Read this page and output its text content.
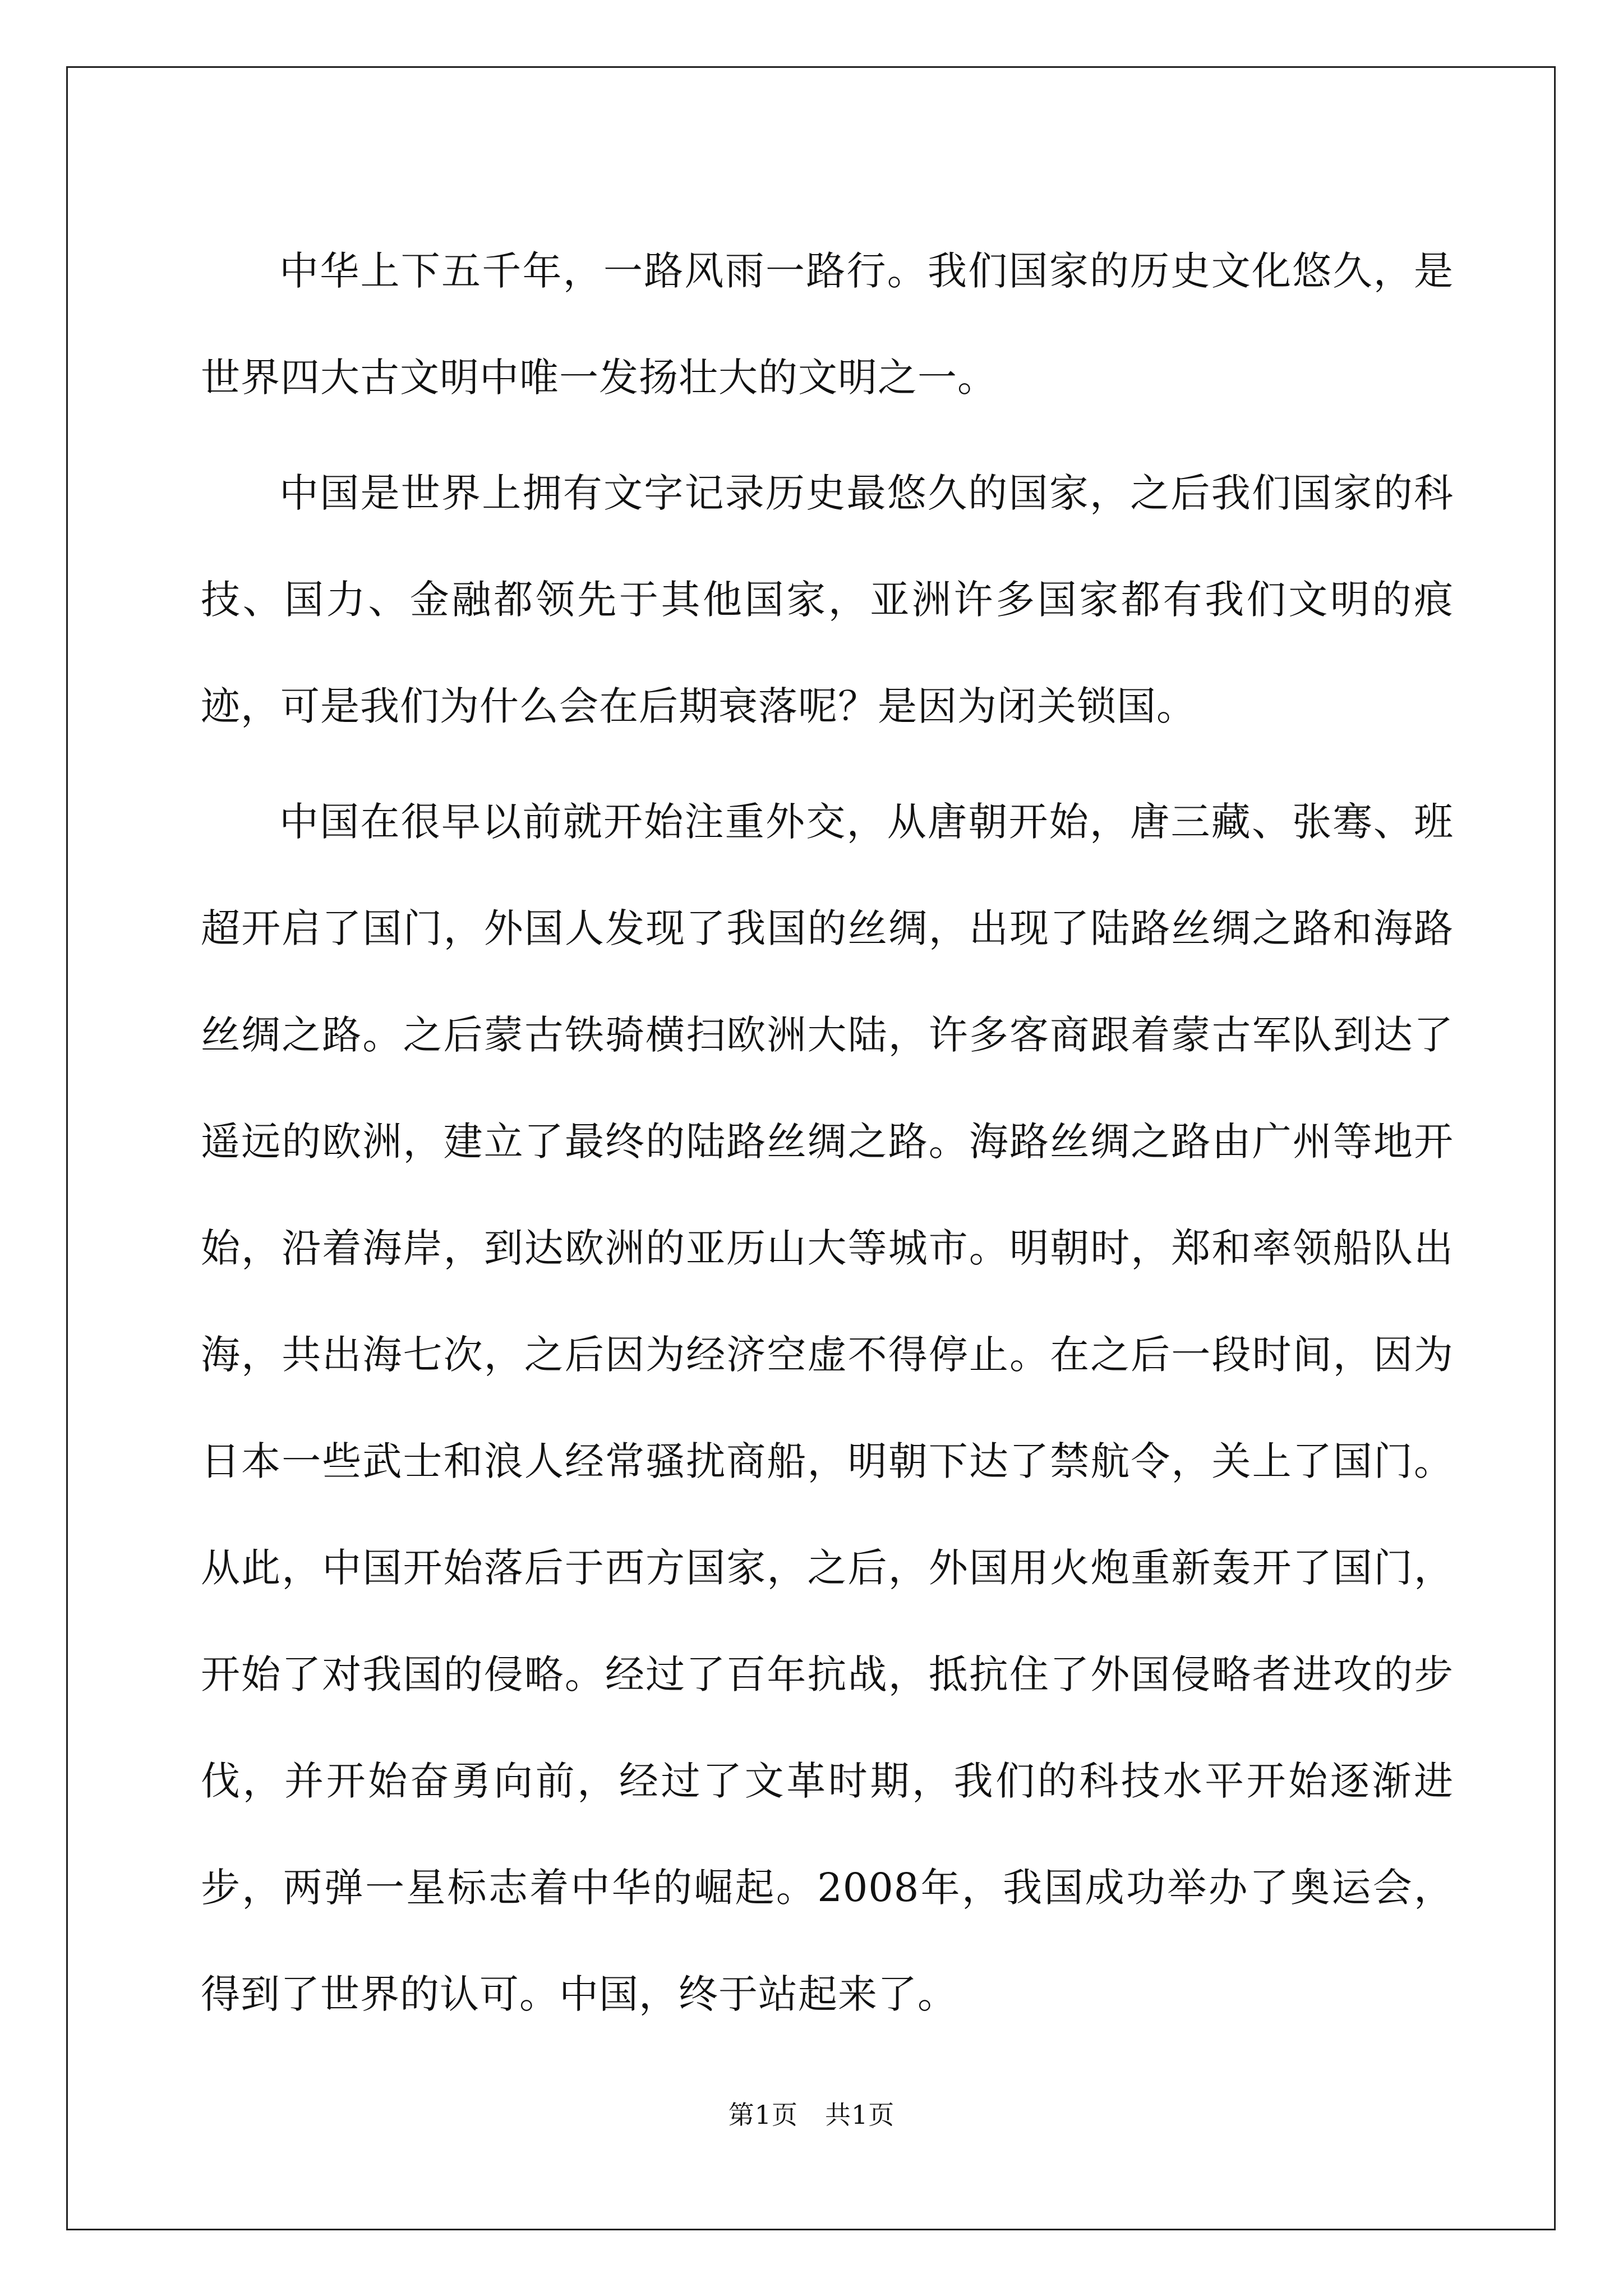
中华上下五千年，一路风雨一路行。我们国家的历史文化悠久，是世界四大古文明中唯一发扬壮大的文明之一。

中国是世界上拥有文字记录历史最悠久的国家，之后我们国家的科技、国力、金融都领先于其他国家，亚洲许多国家都有我们文明的痕迹，可是我们为什么会在后期衰落呢？是因为闭关锁国。

中国在很早以前就开始注重外交，从唐朝开始，唐三藏、张骞、班超开启了国门，外国人发现了我国的丝绸，出现了陆路丝绸之路和海路丝绸之路。之后蒙古铁骑横扫欧洲大陆，许多客商跟着蒙古军队到达了遥远的欧洲，建立了最终的陆路丝绸之路。海路丝绸之路由广州等地开始，沿着海岸，到达欧洲的亚历山大等城市。明朝时，郑和率领船队出海，共出海七次，之后因为经济空虚不得停止。在之后一段时间，因为日本一些武士和浪人经常骚扰商船，明朝下达了禁航令，关上了国门。从此，中国开始落后于西方国家，之后，外国用火炮重新轰开了国门，开始了对我国的侵略。经过了百年抗战，抵抗住了外国侵略者进攻的步伐，并开始奋勇向前，经过了文革时期，我们的科技水平开始逐渐进步，两弹一星标志着中华的崛起。2008年，我国成功举办了奥运会，得到了世界的认可。中国，终于站起来了。

第1页 共1页
